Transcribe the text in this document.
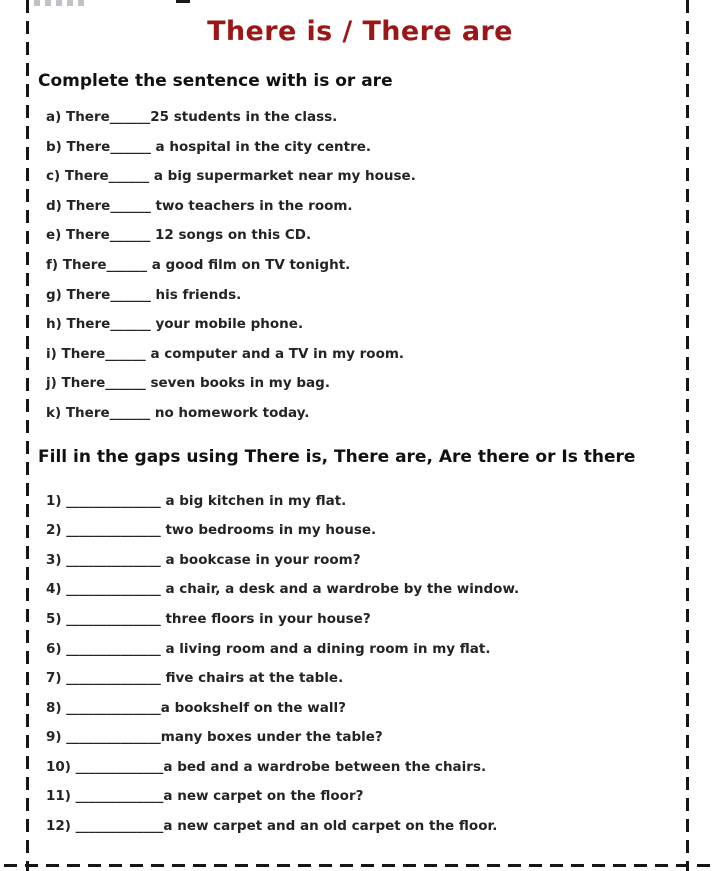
There is / There are
Complete the sentence with is or are
a) There______25 students in the class.
b) There______ a hospital in the city centre.
c) There______ a big supermarket near my house.
d) There______ two teachers in the room.
e) There______ 12 songs on this CD.
f) There______ a good film on TV tonight.
g) There______ his friends.
h) There______ your mobile phone.
i) There______ a computer and a TV in my room.
j) There______ seven books in my bag.
k) There______ no homework today.
Fill in the gaps using There is, There are, Are there or Is there
1) ______________ a big kitchen in my flat.
2) ______________ two bedrooms in my house.
3) ______________ a bookcase in your room?
4) ______________ a chair, a desk and a wardrobe by the window.
5) ______________ three floors in your house?
6) ______________ a living room and a dining room in my flat.
7) ______________ five chairs at the table.
8) ______________a bookshelf on the wall?
9) ______________many boxes under the table?
10) _____________a bed and a wardrobe between the chairs.
11) _____________a new carpet on the floor?
12) _____________a new carpet and an old carpet on the floor.
